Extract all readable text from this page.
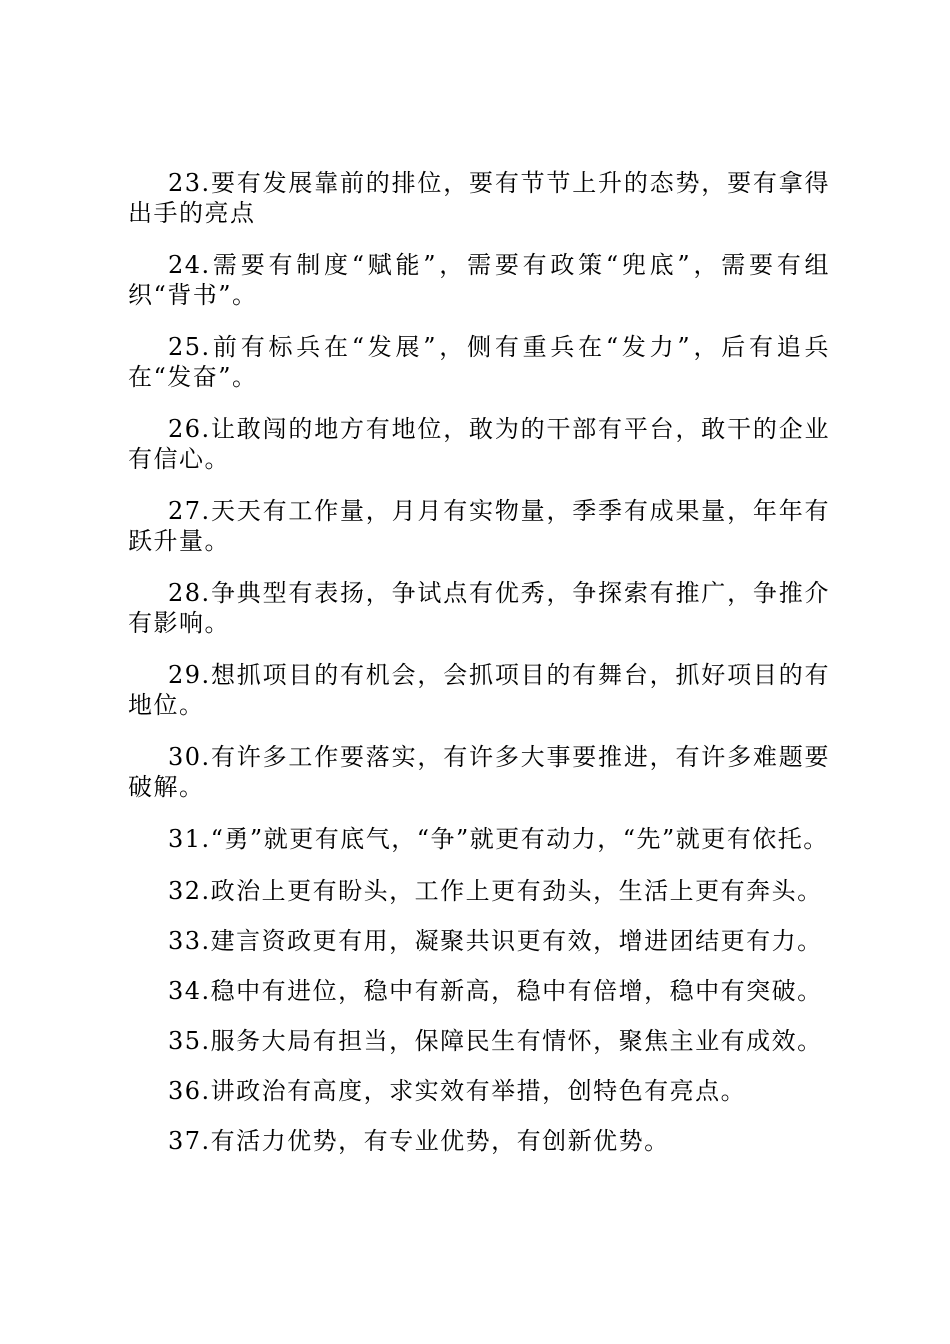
23.要有发展靠前的排位，要有节节上升的态势，要有拿得出手的亮点

24.需要有制度“赋能”，需要有政策“兜底”，需要有组织“背书”。

25.前有标兵在“发展”，侧有重兵在“发力”，后有追兵在“发奋”。

26.让敢闯的地方有地位，敢为的干部有平台，敢干的企业有信心。

27.天天有工作量，月月有实物量，季季有成果量，年年有跃升量。

28.争典型有表扬，争试点有优秀，争探索有推广，争推介有影响。

29.想抓项目的有机会，会抓项目的有舞台，抓好项目的有地位。

30.有许多工作要落实，有许多大事要推进，有许多难题要破解。

31.“勇”就更有底气，“争”就更有动力，“先”就更有依托。

32.政治上更有盼头，工作上更有劲头，生活上更有奔头。

33.建言资政更有用，凝聚共识更有效，增进团结更有力。

34.稳中有进位，稳中有新高，稳中有倍增，稳中有突破。

35.服务大局有担当，保障民生有情怀，聚焦主业有成效。

36.讲政治有高度，求实效有举措，创特色有亮点。

37.有活力优势，有专业优势，有创新优势。
